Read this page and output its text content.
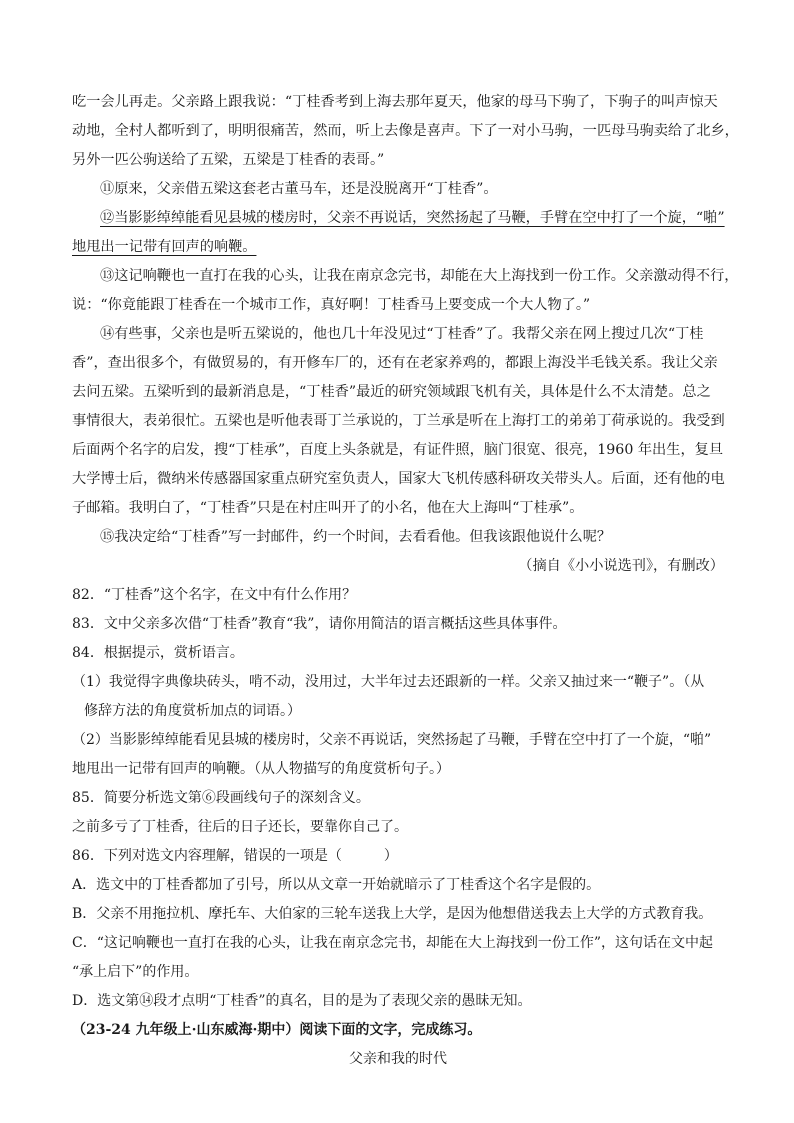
吃一会儿再走。父亲路上跟我说：“丁桂香考到上海去那年夏天，他家的母马下驹了，下驹子的叫声惊天
动地，全村人都听到了，明明很痛苦，然而，听上去像是喜声。下了一对小马驹，一匹母马驹卖给了北乡，
另外一匹公驹送给了五梁，五梁是丁桂香的表哥。”
⑪原来，父亲借五梁这套老古董马车，还是没脱离开“丁桂香”。
⑫当影影绰绰能看见县城的楼房时，父亲不再说话，突然扬起了马鞭，手臂在空中打了一个旋，“啪”
地甩出一记带有回声的响鞭。
⑬这记响鞭也一直打在我的心头，让我在南京念完书，却能在大上海找到一份工作。父亲激动得不行，
说：“你竟能跟丁桂香在一个城市工作，真好啊！丁桂香马上要变成一个大人物了。”
⑭有些事，父亲也是听五梁说的，他也几十年没见过“丁桂香”了。我帮父亲在网上搜过几次“丁桂
香”，查出很多个，有做贸易的，有开修车厂的，还有在老家养鸡的，都跟上海没半毛钱关系。我让父亲
去问五梁。五梁听到的最新消息是，“丁桂香”最近的研究领域跟飞机有关，具体是什么不太清楚。总之
事情很大，表弟很忙。五梁也是听他表哥丁兰承说的，丁兰承是听在上海打工的弟弟丁荷承说的。我受到
后面两个名字的启发，搜“丁桂承”，百度上头条就是，有证件照，脑门很宽、很亮，1960 年出生，复旦
大学博士后，微纳米传感器国家重点研究室负责人，国家大飞机传感科研攻关带头人。后面，还有他的电
子邮箱。我明白了，“丁桂香”只是在村庄叫开了的小名，他在大上海叫“丁桂承”。
⑮我决定给“丁桂香”写一封邮件，约一个时间，去看看他。但我该跟他说什么呢？
（摘自《小小说选刊》，有删改）
82．“丁桂香”这个名字，在文中有什么作用？
83．文中父亲多次借“丁桂香”教育“我”，请你用简洁的语言概括这些具体事件。
84．根据提示，赏析语言。
（1）我觉得字典像块砖头，啃不动，没用过，大半年过去还跟新的一样。父亲又抽过来一“鞭子”。（从
修辞方法的角度赏析加点的词语。）
（2）当影影绰绰能看见县城的楼房时，父亲不再说话，突然扬起了马鞭，手臂在空中打了一个旋，“啪”
地甩出一记带有回声的响鞭。（从人物描写的角度赏析句子。）
85．简要分析选文第⑥段画线句子的深刻含义。
之前多亏了丁桂香，往后的日子还长，要靠你自己了。
86．下列对选文内容理解，错误的一项是（　　　）
A．选文中的丁桂香都加了引号，所以从文章一开始就暗示了丁桂香这个名字是假的。
B．父亲不用拖拉机、摩托车、大伯家的三轮车送我上大学，是因为他想借送我去上大学的方式教育我。
C．“这记响鞭也一直打在我的心头，让我在南京念完书，却能在大上海找到一份工作”，这句话在文中起
“承上启下”的作用。
D．选文第⑭段才点明“丁桂香”的真名，目的是为了表现父亲的愚昧无知。
（23-24 九年级上·山东威海·期中）阅读下面的文字，完成练习。
父亲和我的时代
